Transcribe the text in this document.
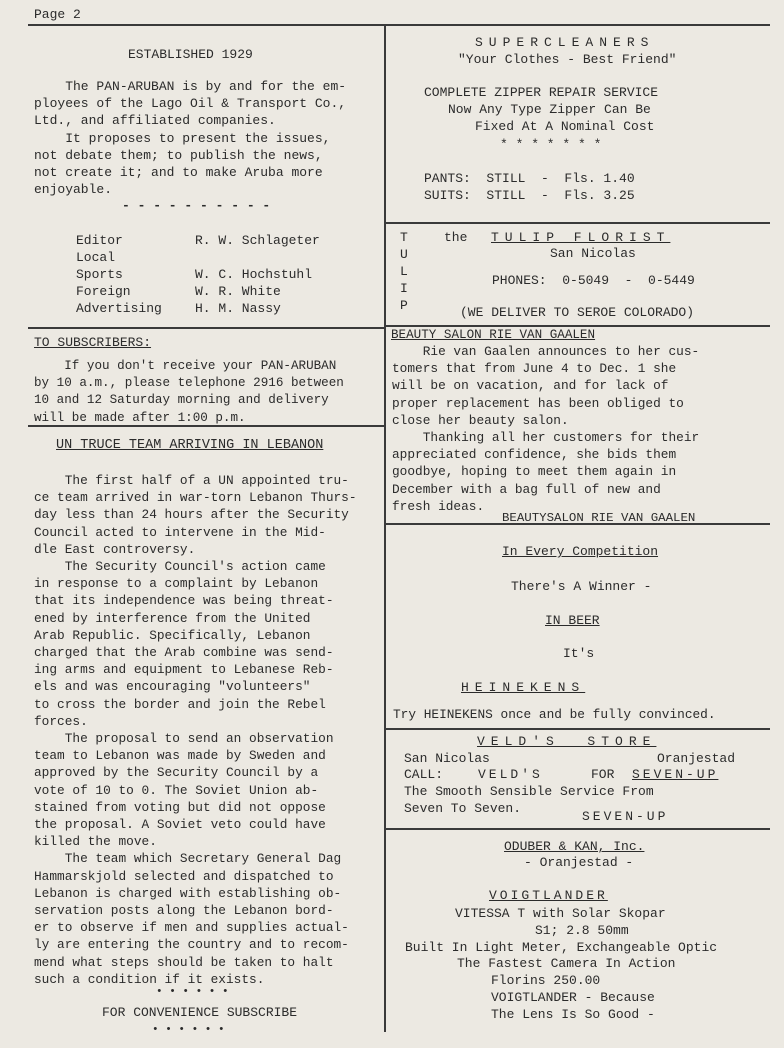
Page 2
ESTABLISHED 1929

The PAN-ARUBAN is by and for the em-

ployees of the Lago Oil & Transport Co.,

Ltd., and affiliated companies.

It proposes to present the issues,

not debate them; to publish the news,

not create it; and to make Aruba more

enjoyable.

- - - - - - - - - -
Editor	R. W. Schlageter
Local
Sports	W. C. Hochstuhl
Foreign	W. R. White
Advertising	H. M. Nassy
TO SUBSCRIBERS:

If you don't receive your PAN-ARUBAN

by 10 a.m., please telephone 2916 between

10 and 12 Saturday morning and delivery

will be made after 1:00 p.m.

UN TRUCE TEAM ARRIVING IN LEBANON

The first half of a UN appointed tru-

ce team arrived in war-torn Lebanon Thurs-

day less than 24 hours after the Security

Council acted to intervene in the Mid-

dle East controversy.

The Security Council's action came

in response to a complaint by Lebanon

that its independence was being threat-

ened by interference from the United

Arab Republic. Specifically, Lebanon

charged that the Arab combine was send-

ing arms and equipment to Lebanese Reb-

els and was encouraging "volunteers"

to cross the border and join the Rebel

forces.

The proposal to send an observation

team to Lebanon was made by Sweden and

approved by the Security Council by a

vote of 10 to 0. The Soviet Union ab-

stained from voting but did not oppose

the proposal. A Soviet veto could have

killed the move.

The team which Secretary General Dag

Hammarskjold selected and dispatched to

Lebanon is charged with establishing ob-

servation posts along the Lebanon bord-

er to observe if men and supplies actual-

ly are entering the country and to recom-

mend what steps should be taken to halt

such a condition if it exists.

• • • • • •
FOR CONVENIENCE SUBSCRIBE
• • • • • •
SUPERCLEANERS
"Your Clothes - Best Friend"
COMPLETE ZIPPER REPAIR SERVICE
Now Any Type Zipper Can Be
Fixed At A Nominal Cost
* * * * * * *
PANTS:  STILL  -  Fls. 1.40
SUITS:  STILL  -  Fls. 3.25
T
U
L
I
P
the TULIP FLORIST
San Nicolas
PHONES:  0-5049  -  0-5449
(WE DELIVER TO SEROE COLORADO)
BEAUTY SALON RIE VAN GAALEN

Rie van Gaalen announces to her cus-

tomers that from June 4 to Dec. 1 she

will be on vacation, and for lack of

proper replacement has been obliged to

close her beauty salon.

Thanking all her customers for their

appreciated confidence, she bids them

goodbye, hoping to meet them again in

December with a bag full of new and

fresh ideas.

BEAUTYSALON RIE VAN GAALEN
In Every Competition
There's A Winner -
IN BEER
It's
HEINEKENS
Try HEINEKENS once and be fully convinced.
VELD'S  STORE
San Nicolas	Oranjestad
CALL:	VELD'S	FOR SEVEN-UP
The Smooth Sensible Service From
Seven To Seven.
SEVEN-UP
ODUBER & KAN, Inc.
- Oranjestad -
VOIGTLANDER
VITESSA T with Solar Skopar
S1; 2.8 50mm
Built In Light Meter, Exchangeable Optic
The Fastest Camera In Action
Florins 250.00
VOIGTLANDER - Because
The Lens Is So Good -
